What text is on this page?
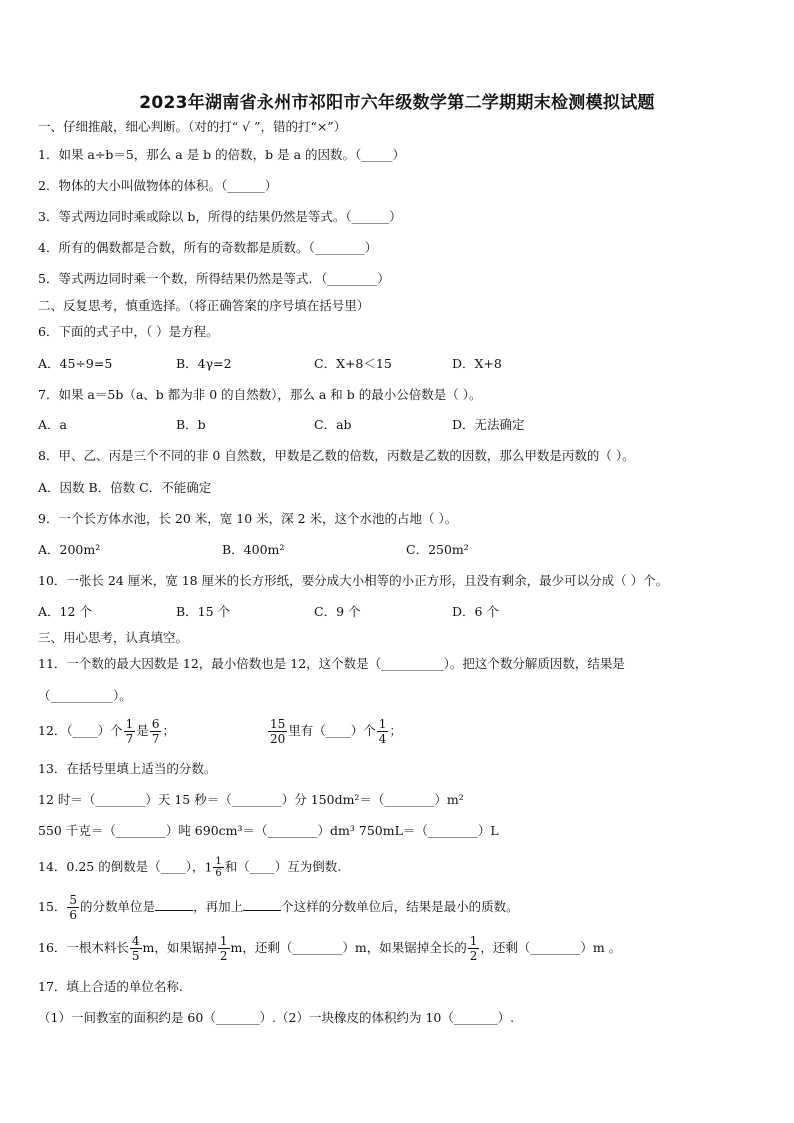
2023年湖南省永州市祁阳市六年级数学第二学期期末检测模拟试题
一、仔细推敲，细心判断。（对的打“ √ ”，错的打“×”）
1．如果 a÷b＝5，那么 a 是 b 的倍数，b 是 a 的因数。（_____）
2．物体的大小叫做物体的体积。（______）
3．等式两边同时乘或除以 b，所得的结果仍然是等式。（______）
4．所有的偶数都是合数，所有的奇数都是质数。（________）
5．等式两边同时乘一个数，所得结果仍然是等式．（________）
二、反复思考，慎重选择。（将正确答案的序号填在括号里）
6．下面的式子中，（ ）是方程。
A．45÷9=5	B．4γ=2	C．X+8＜15	D．X+8
7．如果 a＝5b（a、b 都为非 0 的自然数），那么 a 和 b 的最小公倍数是（ ）。
A．a	B．b	C．ab	D．无法确定
8．甲、乙、丙是三个不同的非 0 自然数，甲数是乙数的倍数，丙数是乙数的因数，那么甲数是丙数的（ ）。
A．因数 B．倍数 C．不能确定
9．一个长方体水池，长 20 米，宽 10 米，深 2 米，这个水池的占地（ ）。
A．200m²	B．400m²	C．250m²
10．一张长 24 厘米，宽 18 厘米的长方形纸，要分成大小相等的小正方形，且没有剩余，最少可以分成（ ）个。
A．12 个	B．15 个	C．9 个	D．6 个
三、用心思考，认真填空。
11．一个数的最大因数是 12，最小倍数也是 12，这个数是（__________）。把这个数分解质因数，结果是
（__________）。
12．（____）个 $\frac{1}{7}$ 是 $\frac{6}{7}$ ；	$\frac{15}{20}$ 里有（____）个 $\frac{1}{4}$ ；
13．在括号里填上适当的分数。
12 时＝（________）天 15 秒＝（________）分 150dm²＝（________）m²
550 千克＝（________）吨 690cm³＝（________）dm³ 750mL＝（________）L
14．0.25 的倒数是（____），$1 \frac{1}{6}$ 和（____）互为倒数.
15． $\frac{5}{6}$ 的分数单位是	，再加上	个这样的分数单位后，结果是最小的质数。
16．一根木料长 $\frac{4}{5}$ m，如果锯掉 $\frac{1}{2}$ m，还剩（________）m，如果锯掉全长的 $\frac{1}{2}$ ，还剩（________）m 。
17．填上合适的单位名称.
（1）一间教室的面积约是 60（_______）.（2）一块橡皮的体积约为 10（_______）.
